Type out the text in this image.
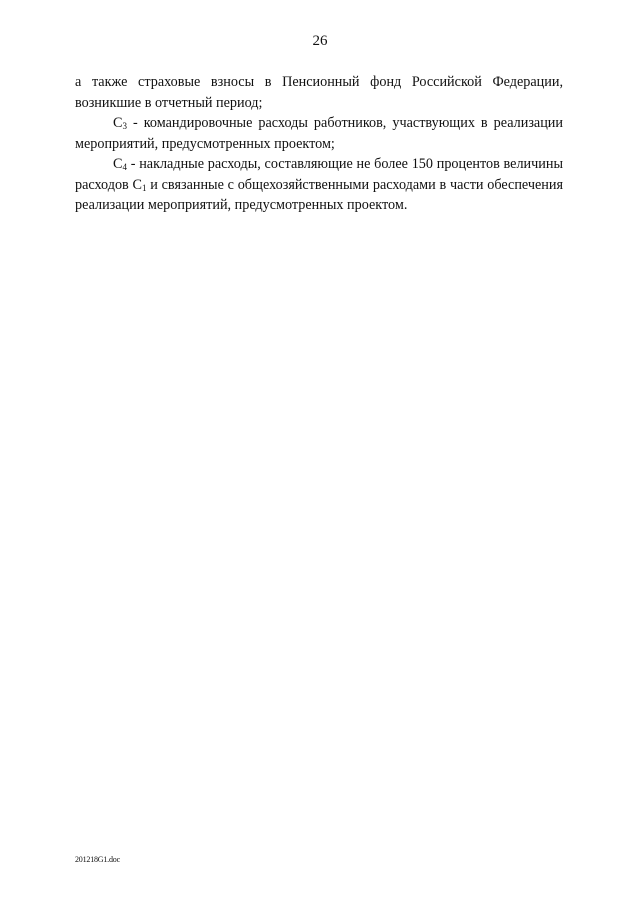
26

а также страховые взносы в Пенсионный фонд Российской Федерации, возникшие в отчетный период;

$C_3$ - командировочные расходы работников, участвующих в реализации мероприятий, предусмотренных проектом;

$C_4$ - накладные расходы, составляющие не более 150 процентов величины расходов $C_1$ и связанные с общехозяйственными расходами в части обеспечения реализации мероприятий, предусмотренных проектом.

201218G1.doc
